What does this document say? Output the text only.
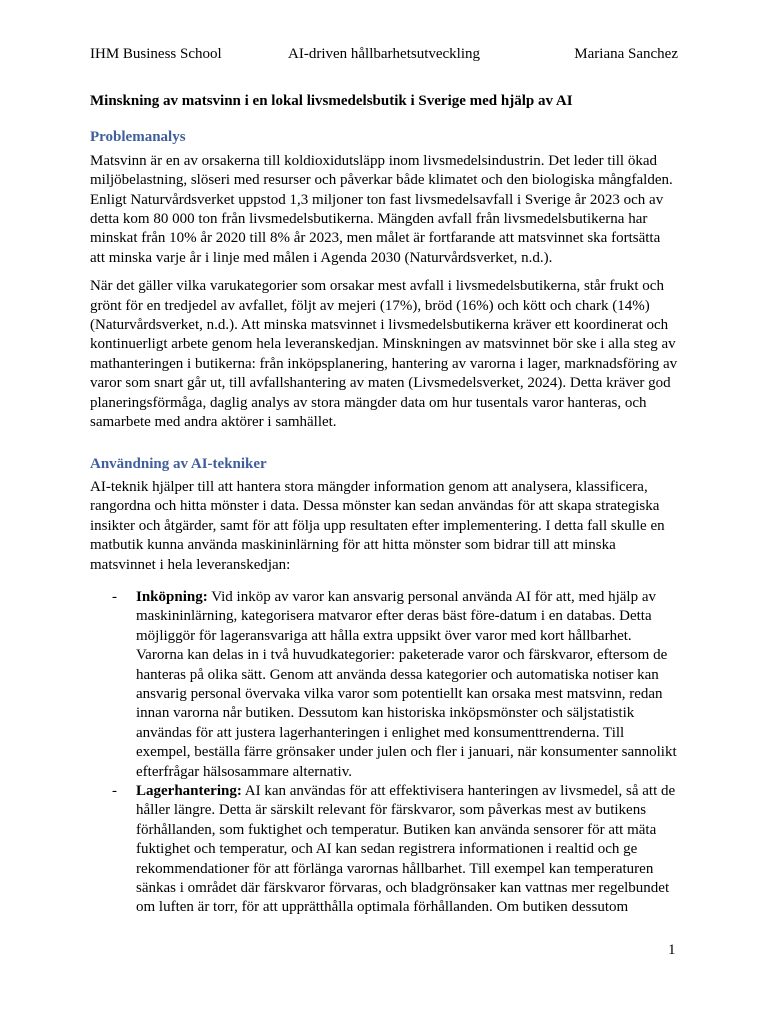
IHM Business School	AI-driven hållbarhetsutveckling	Mariana Sanchez

Minskning av matsvinn i en lokal livsmedelsbutik i Sverige med hjälp av AI

Problemanalys

Matsvinn är en av orsakerna till koldioxidutsläpp inom livsmedelsindustrin. Det leder till ökad miljöbelastning, slöseri med resurser och påverkar både klimatet och den biologiska mångfalden. Enligt Naturvårdsverket uppstod 1,3 miljoner ton fast livsmedelsavfall i Sverige år 2023 och av detta kom 80 000 ton från livsmedelsbutikerna. Mängden avfall från livsmedelsbutikerna har minskat från 10% år 2020 till 8% år 2023, men målet är fortfarande att matsvinnet ska fortsätta att minska varje år i linje med målen i Agenda 2030 (Naturvårdsverket, n.d.).

När det gäller vilka varukategorier som orsakar mest avfall i livsmedelsbutikerna, står frukt och grönt för en tredjedel av avfallet, följt av mejeri (17%), bröd (16%) och kött och chark (14%) (Naturvårdsverket, n.d.). Att minska matsvinnet i livsmedelsbutikerna kräver ett koordinerat och kontinuerligt arbete genom hela leveranskedjan. Minskningen av matsvinnet bör ske i alla steg av mathanteringen i butikerna: från inköpsplanering, hantering av varorna i lager, marknadsföring av varor som snart går ut, till avfallshantering av maten (Livsmedelsverket, 2024). Detta kräver god planeringsförmåga, daglig analys av stora mängder data om hur tusentals varor hanteras, och samarbete med andra aktörer i samhället.

Användning av AI-tekniker

AI-teknik hjälper till att hantera stora mängder information genom att analysera, klassificera, rangordna och hitta mönster i data. Dessa mönster kan sedan användas för att skapa strategiska insikter och åtgärder, samt för att följa upp resultaten efter implementering. I detta fall skulle en matbutik kunna använda maskininlärning för att hitta mönster som bidrar till att minska matsvinnet i hela leveranskedjan:

- Inköpning: Vid inköp av varor kan ansvarig personal använda AI för att, med hjälp av maskininlärning, kategorisera matvaror efter deras bäst före-datum i en databas. Detta möjliggör för lageransvariga att hålla extra uppsikt över varor med kort hållbarhet. Varorna kan delas in i två huvudkategorier: paketerade varor och färskvaror, eftersom de hanteras på olika sätt. Genom att använda dessa kategorier och automatiska notiser kan ansvarig personal övervaka vilka varor som potentiellt kan orsaka mest matsvinn, redan innan varorna når butiken. Dessutom kan historiska inköpsmönster och säljstatistik användas för att justera lagerhanteringen i enlighet med konsumenttrenderna. Till exempel, beställa färre grönsaker under julen och fler i januari, när konsumenter sannolikt efterfrågar hälsosammare alternativ.
- Lagerhantering: AI kan användas för att effektivisera hanteringen av livsmedel, så att de håller längre. Detta är särskilt relevant för färskvaror, som påverkas mest av butikens förhållanden, som fuktighet och temperatur. Butiken kan använda sensorer för att mäta fuktighet och temperatur, och AI kan sedan registrera informationen i realtid och ge rekommendationer för att förlänga varornas hållbarhet. Till exempel kan temperaturen sänkas i området där färskvaror förvaras, och bladgrönsaker kan vattnas mer regelbundet om luften är torr, för att upprätthålla optimala förhållanden. Om butiken dessutom
1
